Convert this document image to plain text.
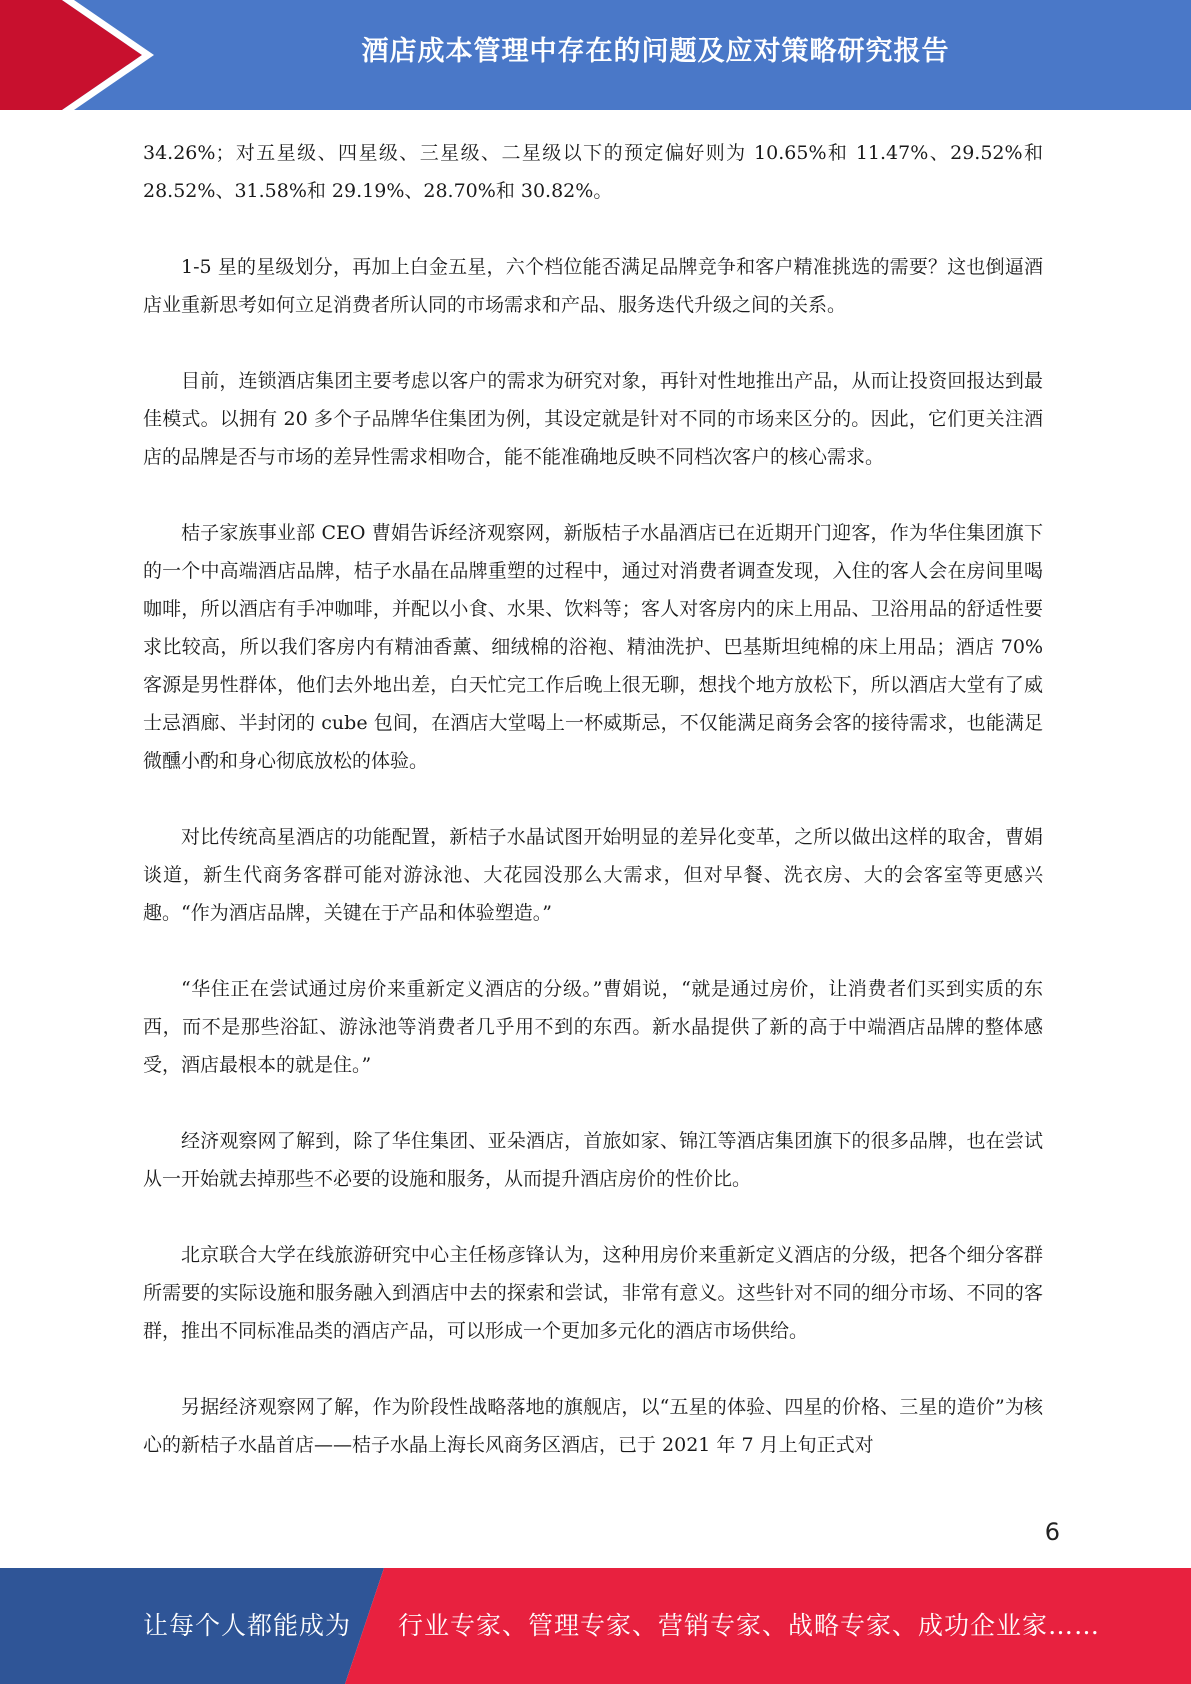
酒店成本管理中存在的问题及应对策略研究报告

34.26%；对五星级、四星级、三星级、二星级以下的预定偏好则为 10.65%和 11.47%、29.52%和 28.52%、31.58%和 29.19%、28.70%和 30.82%。

1-5 星的星级划分，再加上白金五星，六个档位能否满足品牌竞争和客户精准挑选的需要？这也倒逼酒店业重新思考如何立足消费者所认同的市场需求和产品、服务迭代升级之间的关系。

目前，连锁酒店集团主要考虑以客户的需求为研究对象，再针对性地推出产品，从而让投资回报达到最佳模式。以拥有 20 多个子品牌华住集团为例，其设定就是针对不同的市场来区分的。因此，它们更关注酒店的品牌是否与市场的差异性需求相吻合，能不能准确地反映不同档次客户的核心需求。

桔子家族事业部 CEO 曹娟告诉经济观察网，新版桔子水晶酒店已在近期开门迎客，作为华住集团旗下的一个中高端酒店品牌，桔子水晶在品牌重塑的过程中，通过对消费者调查发现，入住的客人会在房间里喝咖啡，所以酒店有手冲咖啡，并配以小食、水果、饮料等；客人对客房内的床上用品、卫浴用品的舒适性要求比较高，所以我们客房内有精油香薰、细绒棉的浴袍、精油洗护、巴基斯坦纯棉的床上用品；酒店 70%客源是男性群体，他们去外地出差，白天忙完工作后晚上很无聊，想找个地方放松下，所以酒店大堂有了威士忌酒廊、半封闭的 cube 包间，在酒店大堂喝上一杯威斯忌，不仅能满足商务会客的接待需求，也能满足微醺小酌和身心彻底放松的体验。

对比传统高星酒店的功能配置，新桔子水晶试图开始明显的差异化变革，之所以做出这样的取舍，曹娟谈道，新生代商务客群可能对游泳池、大花园没那么大需求，但对早餐、洗衣房、大的会客室等更感兴趣。“作为酒店品牌，关键在于产品和体验塑造。”

“华住正在尝试通过房价来重新定义酒店的分级。”曹娟说，“就是通过房价，让消费者们买到实质的东西，而不是那些浴缸、游泳池等消费者几乎用不到的东西。新水晶提供了新的高于中端酒店品牌的整体感受，酒店最根本的就是住。”

经济观察网了解到，除了华住集团、亚朵酒店，首旅如家、锦江等酒店集团旗下的很多品牌，也在尝试从一开始就去掉那些不必要的设施和服务，从而提升酒店房价的性价比。

北京联合大学在线旅游研究中心主任杨彦锋认为，这种用房价来重新定义酒店的分级，把各个细分客群所需要的实际设施和服务融入到酒店中去的探索和尝试，非常有意义。这些针对不同的细分市场、不同的客群，推出不同标准品类的酒店产品，可以形成一个更加多元化的酒店市场供给。

另据经济观察网了解，作为阶段性战略落地的旗舰店，以“五星的体验、四星的价格、三星的造价”为核心的新桔子水晶首店——桔子水晶上海长风商务区酒店，已于 2021 年 7 月上旬正式对

6
让每个人都能成为 行业专家、管理专家、营销专家、战略专家、成功企业家……
